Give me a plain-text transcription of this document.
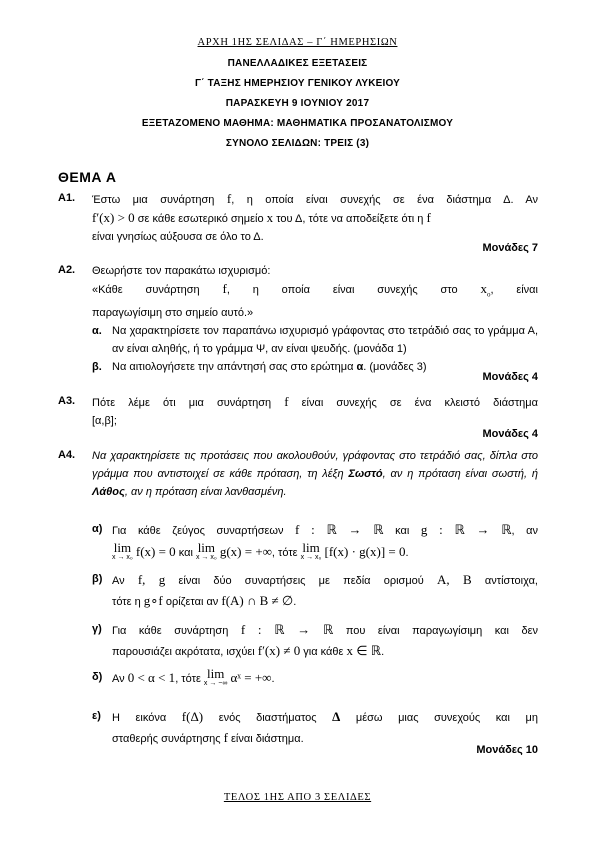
ΑΡΧΗ 1ΗΣ ΣΕΛΙΔΑΣ – Γ΄ ΗΜΕΡΗΣΙΩΝ
ΠΑΝΕΛΛΑΔΙΚΕΣ ΕΞΕΤΑΣΕΙΣ
Γ΄ ΤΑΞΗΣ ΗΜΕΡΗΣΙΟΥ ΓΕΝΙΚΟΥ ΛΥΚΕΙΟΥ
ΠΑΡΑΣΚΕΥΗ 9 ΙΟΥΝΙΟΥ 2017
ΕΞΕΤΑΖΟΜΕΝΟ ΜΑΘΗΜΑ: ΜΑΘΗΜΑΤΙΚΑ ΠΡΟΣΑΝΑΤΟΛΙΣΜΟΥ
ΣΥΝΟΛΟ ΣΕΛΙΔΩΝ: ΤΡΕΙΣ (3)
ΘΕΜΑ Α
Α1. Έστω μια συνάρτηση f, η οποία είναι συνεχής σε ένα διάστημα Δ. Αν

f′(x) > 0 σε κάθε εσωτερικό σημείο x του Δ, τότε να αποδείξετε ότι η f

είναι γνησίως αύξουσα σε όλο το Δ.

Μονάδες 7
Α2. Θεωρήστε τον παρακάτω ισχυρισμό:

«Κάθε συνάρτηση f, η οποία είναι συνεχής στο $x_o$, είναι

παραγωγίσιμη στο σημείο αυτό.»

α. Να χαρακτηρίσετε τον παραπάνω ισχυρισμό γράφοντας στο τετράδιό σας το γράμμα Α, αν είναι αληθής, ή το γράμμα Ψ, αν είναι ψευδής. (μονάδα 1)
β. Να αιτιολογήσετε την απάντησή σας στο ερώτημα α. (μονάδες 3)
Μονάδες 4
Α3. Πότε λέμε ότι μια συνάρτηση f είναι συνεχής σε ένα κλειστό διάστημα

[α,β];

Μονάδες 4
Α4. Να χαρακτηρίσετε τις προτάσεις που ακολουθούν, γράφοντας στο τετράδιό σας, δίπλα στο γράμμα που αντιστοιχεί σε κάθε πρόταση, τη λέξη Σωστό, αν η πρόταση είναι σωστή, ή Λάθος, αν η πρόταση είναι λανθασμένη.

α) Για κάθε ζεύγος συναρτήσεων f : ℝ → ℝ και g : ℝ → ℝ, αν
lim
x → x₀ f(x) = 0 και lim
x → x₀ g(x) = +∞, τότε lim
x → x₀ [f(x) · g(x)] = 0.
β) Αν f, g είναι δύο συναρτήσεις με πεδία ορισμού Α, Β αντίστοιχα,
τότε η g∘f ορίζεται αν f(Α) ∩ Β ≠ ∅.
γ) Για κάθε συνάρτηση f : ℝ → ℝ που είναι παραγωγίσιμη και δεν
παρουσιάζει ακρότατα, ισχύει f′(x) ≠ 0 για κάθε x ∈ ℝ.
δ) Αν 0 < α < 1, τότε lim
x → −∞ αˣ = +∞.
ε)	Η εικόνα f(Δ) ενός διαστήματος Δ μέσω μιας συνεχούς και μη
σταθερής συνάρτησης f είναι διάστημα.
Μονάδες 10
ΤΕΛΟΣ 1ΗΣ ΑΠΟ 3 ΣΕΛΙΔΕΣ
